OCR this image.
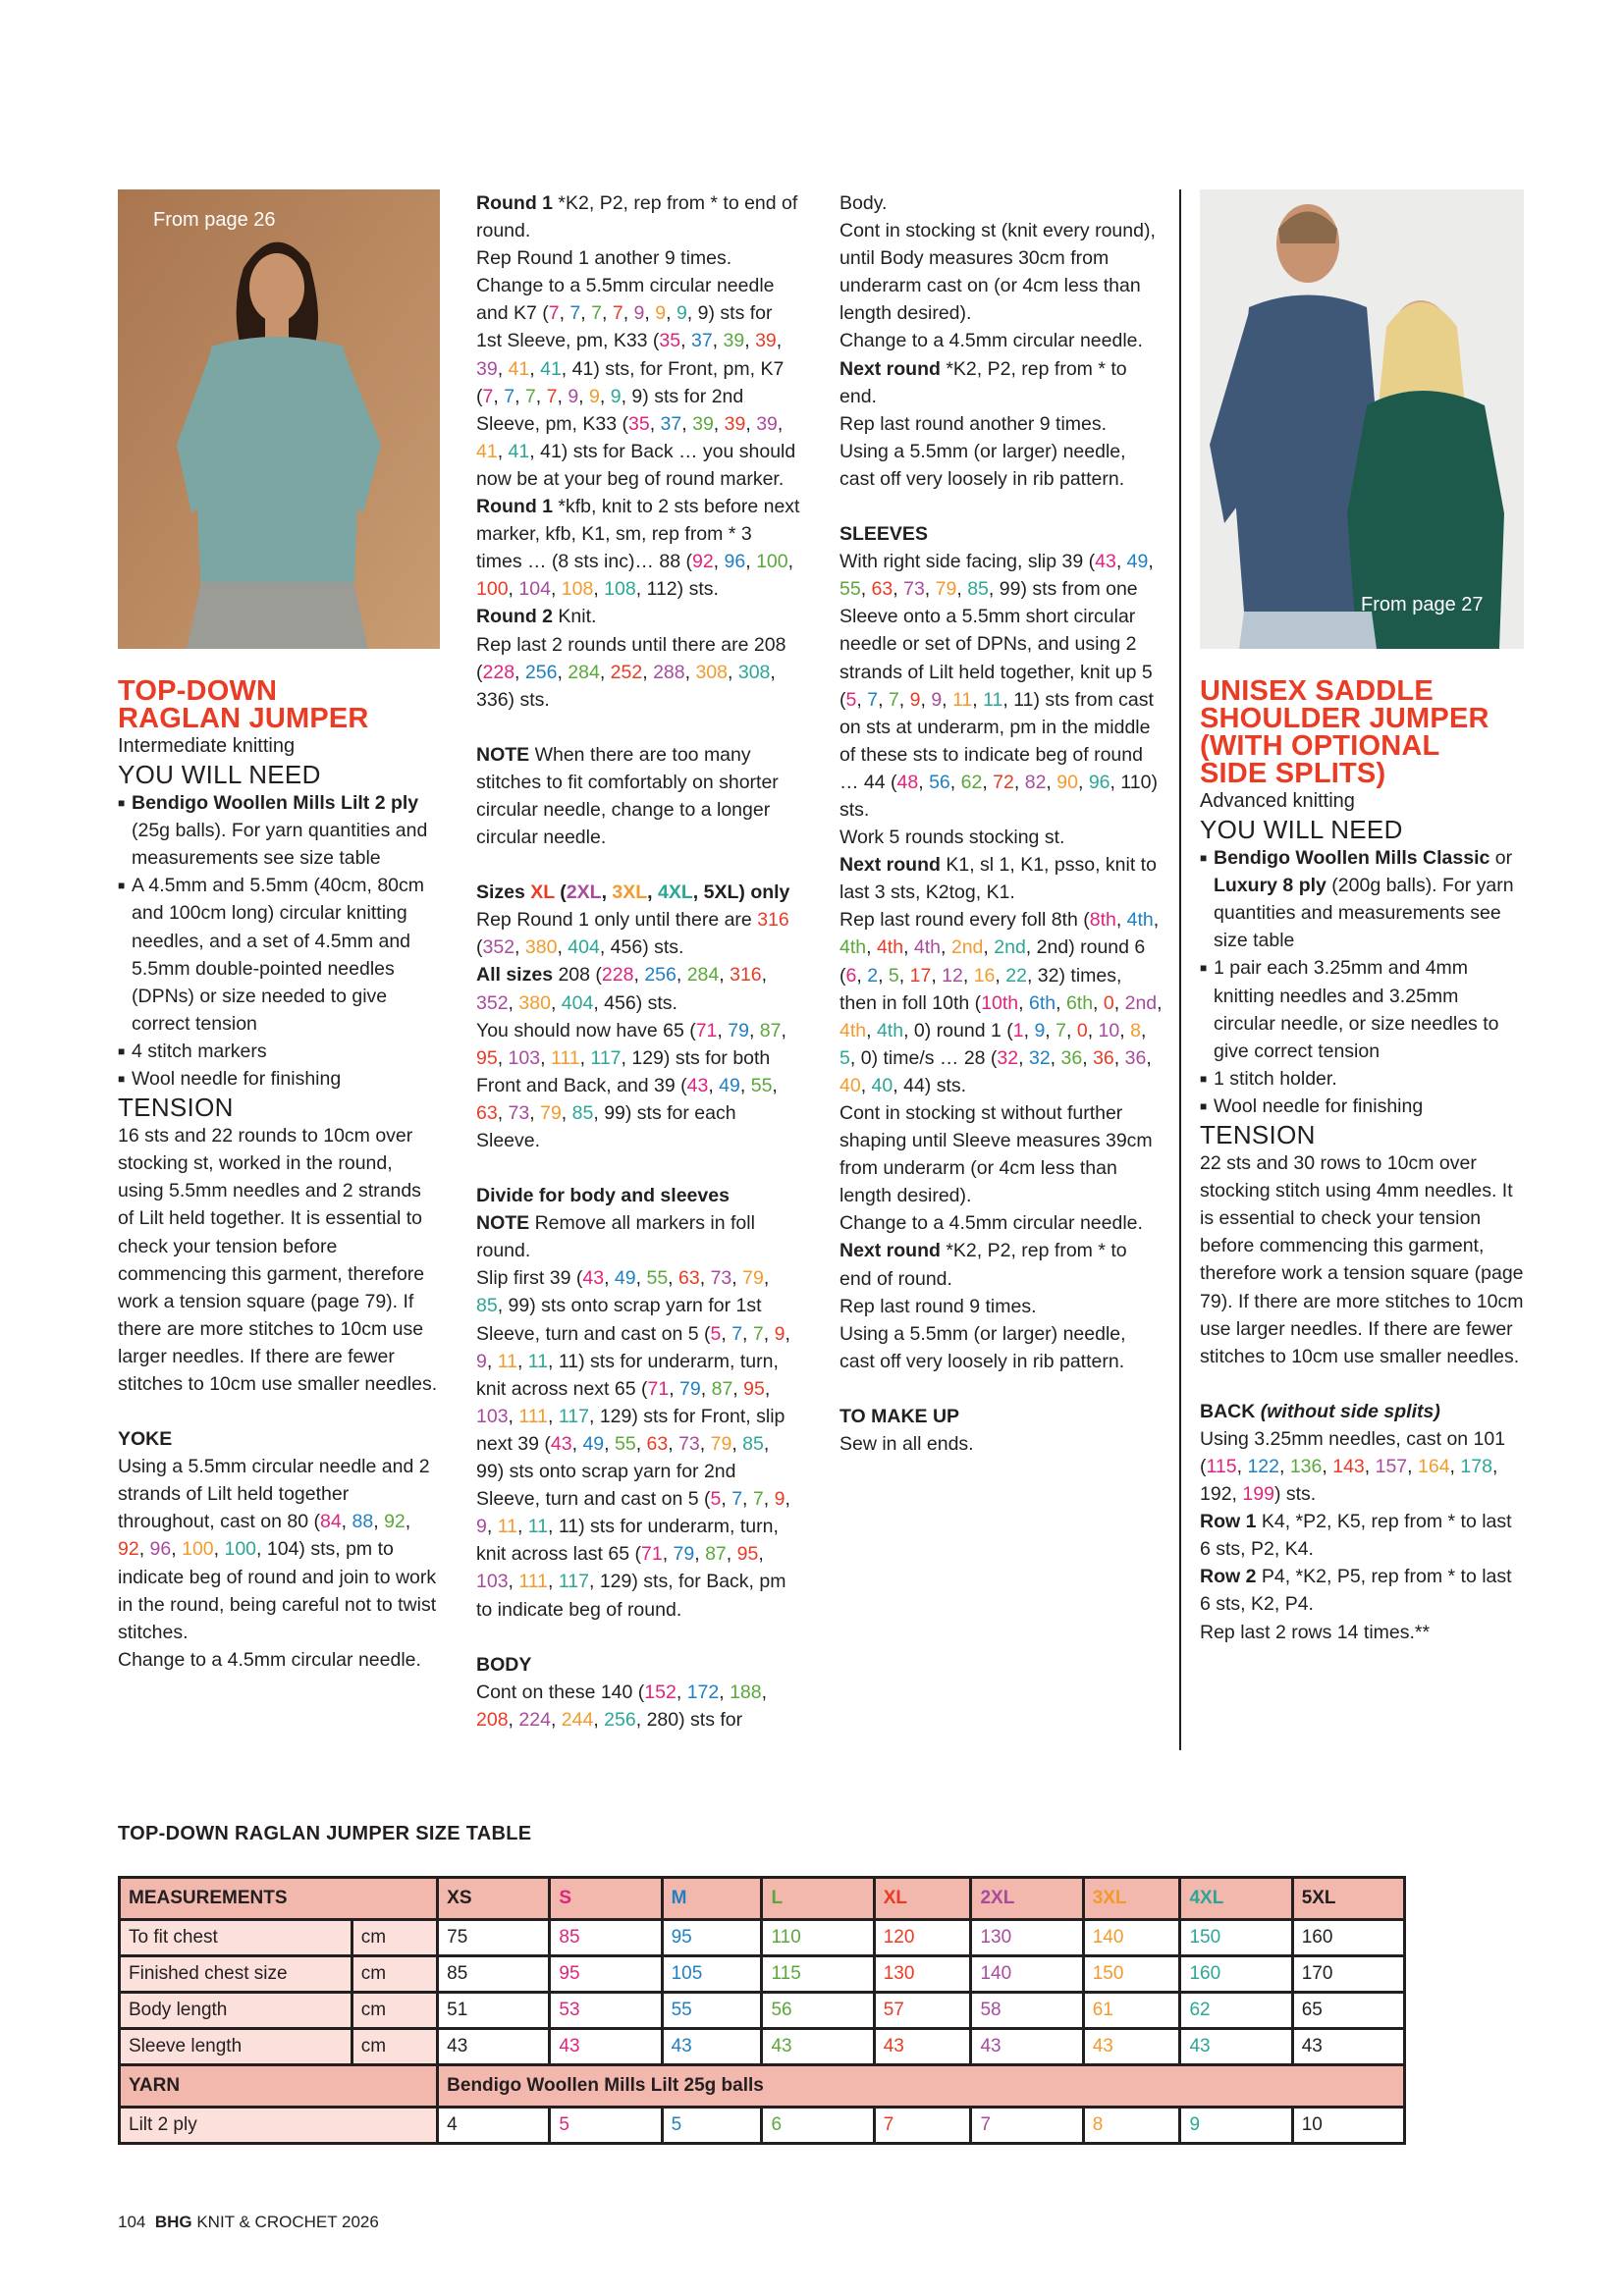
From page 26

TOP-DOWN

RAGLAN JUMPER

Intermediate knitting

YOU WILL NEED

■ Bendigo Woollen Mills Lilt 2 ply (25g balls). For yarn quantities and measurements see size table

■ A 4.5mm and 5.5mm (40cm, 80cm and 100cm long) circular knitting needles, and a set of 4.5mm and 5.5mm double-pointed needles (DPNs) or size needed to give correct tension

■ 4 stitch markers

■ Wool needle for finishing

TENSION

16 sts and 22 rounds to 10cm over stocking st, worked in the round, using 5.5mm needles and 2 strands of Lilt held together. It is essential to check your tension before commencing this garment, therefore work a tension square (page 79). If there are more stitches to 10cm use larger needles. If there are fewer stitches to 10cm use smaller needles.

YOKE

Using a 5.5mm circular needle and 2 strands of Lilt held together throughout, cast on 80 (84, 88, 92, 92, 96, 100, 100, 104) sts, pm to indicate beg of round and join to work in the round, being careful not to twist stitches.

Change to a 4.5mm circular needle.

Round 1 *K2, P2, rep from * to end of round.

Rep Round 1 another 9 times.

Change to a 5.5mm circular needle and K7 (7, 7, 7, 7, 9, 9, 9, 9) sts for 1st Sleeve, pm, K33 (35, 37, 39, 39, 39, 41, 41, 41) sts, for Front, pm, K7 (7, 7, 7, 7, 9, 9, 9, 9) sts for 2nd Sleeve, pm, K33 (35, 37, 39, 39, 39, 41, 41, 41) sts for Back … you should now be at your beg of round marker.

Round 1 *kfb, knit to 2 sts before next marker, kfb, K1, sm, rep from * 3 times … (8 sts inc)… 88 (92, 96, 100, 100, 104, 108, 108, 112) sts.

Round 2 Knit.

Rep last 2 rounds until there are 208 (228, 256, 284, 252, 288, 308, 308, 336) sts.

NOTE When there are too many stitches to fit comfortably on shorter circular needle, change to a longer circular needle.

Sizes XL (2XL, 3XL, 4XL, 5XL) only

Rep Round 1 only until there are 316 (352, 380, 404, 456) sts.

All sizes 208 (228, 256, 284, 316, 352, 380, 404, 456) sts.

You should now have 65 (71, 79, 87, 95, 103, 111, 117, 129) sts for both Front and Back, and 39 (43, 49, 55, 63, 73, 79, 85, 99) sts for each Sleeve.

Divide for body and sleeves

NOTE Remove all markers in foll round.

Slip first 39 (43, 49, 55, 63, 73, 79, 85, 99) sts onto scrap yarn for 1st Sleeve, turn and cast on 5 (5, 7, 7, 9, 9, 11, 11, 11) sts for underarm, turn, knit across next 65 (71, 79, 87, 95, 103, 111, 117, 129) sts for Front, slip next 39 (43, 49, 55, 63, 73, 79, 85, 99) sts onto scrap yarn for 2nd Sleeve, turn and cast on 5 (5, 7, 7, 9, 9, 11, 11, 11) sts for underarm, turn, knit across last 65 (71, 79, 87, 95, 103, 111, 117, 129) sts, for Back, pm to indicate beg of round.

BODY

Cont on these 140 (152, 172, 188, 208, 224, 244, 256, 280) sts for

Body.

Cont in stocking st (knit every round), until Body measures 30cm from underarm cast on (or 4cm less than length desired).

Change to a 4.5mm circular needle.

Next round *K2, P2, rep from * to end.

Rep last round another 9 times.

Using a 5.5mm (or larger) needle, cast off very loosely in rib pattern.

SLEEVES

With right side facing, slip 39 (43, 49, 55, 63, 73, 79, 85, 99) sts from one Sleeve onto a 5.5mm short circular needle or set of DPNs, and using 2 strands of Lilt held together, knit up 5 (5, 7, 7, 9, 9, 11, 11, 11) sts from cast on sts at underarm, pm in the middle of these sts to indicate beg of round … 44 (48, 56, 62, 72, 82, 90, 96, 110) sts.

Work 5 rounds stocking st.

Next round K1, sl 1, K1, psso, knit to last 3 sts, K2tog, K1.

Rep last round every foll 8th (8th, 4th, 4th, 4th, 4th, 2nd, 2nd, 2nd) round 6 (6, 2, 5, 17, 12, 16, 22, 32) times, then in foll 10th (10th, 6th, 6th, 0, 2nd, 4th, 4th, 0) round 1 (1, 9, 7, 0, 10, 8, 5, 0) time/s … 28 (32, 32, 36, 36, 36, 40, 40, 44) sts.

Cont in stocking st without further shaping until Sleeve measures 39cm from underarm (or 4cm less than length desired).

Change to a 4.5mm circular needle.

Next round *K2, P2, rep from * to end of round.

Rep last round 9 times.

Using a 5.5mm (or larger) needle, cast off very loosely in rib pattern.

TO MAKE UP

Sew in all ends.

From page 27

UNISEX SADDLE

SHOULDER JUMPER

(WITH OPTIONAL

SIDE SPLITS)

Advanced knitting

YOU WILL NEED

■ Bendigo Woollen Mills Classic or Luxury 8 ply (200g balls). For yarn quantities and measurements see size table

■ 1 pair each 3.25mm and 4mm knitting needles and 3.25mm circular needle, or size needles to give correct tension

■ 1 stitch holder.

■ Wool needle for finishing

TENSION

22 sts and 30 rows to 10cm over stocking stitch using 4mm needles. It is essential to check your tension before commencing this garment, therefore work a tension square (page 79). If there are more stitches to 10cm use larger needles. If there are fewer stitches to 10cm use smaller needles.

BACK (without side splits)

Using 3.25mm needles, cast on 101 (115, 122, 136, 143, 157, 164, 178, 192, 199) sts.

Row 1 K4, *P2, K5, rep from * to last 6 sts, P2, K4.

Row 2 P4, *K2, P5, rep from * to last 6 sts, K2, P4.

Rep last 2 rows 14 times.**

TOP-DOWN RAGLAN JUMPER SIZE TABLE
MEASUREMENTS		XS	S	M	L	XL	2XL	3XL	4XL	5XL
To fit chest	cm	75	85	95	110	120	130	140	150	160
Finished chest size	cm	85	95	105	115	130	140	150	160	170
Body length	cm	51	53	55	56	57	58	61	62	65
Sleeve length	cm	43	43	43	43	43	43	43	43	43
YARN		Bendigo Woollen Mills Lilt 25g balls								
Lilt 2 ply		4	5	5	6	7	7	8	9	10
104 BHG KNIT & CROCHET 2026
